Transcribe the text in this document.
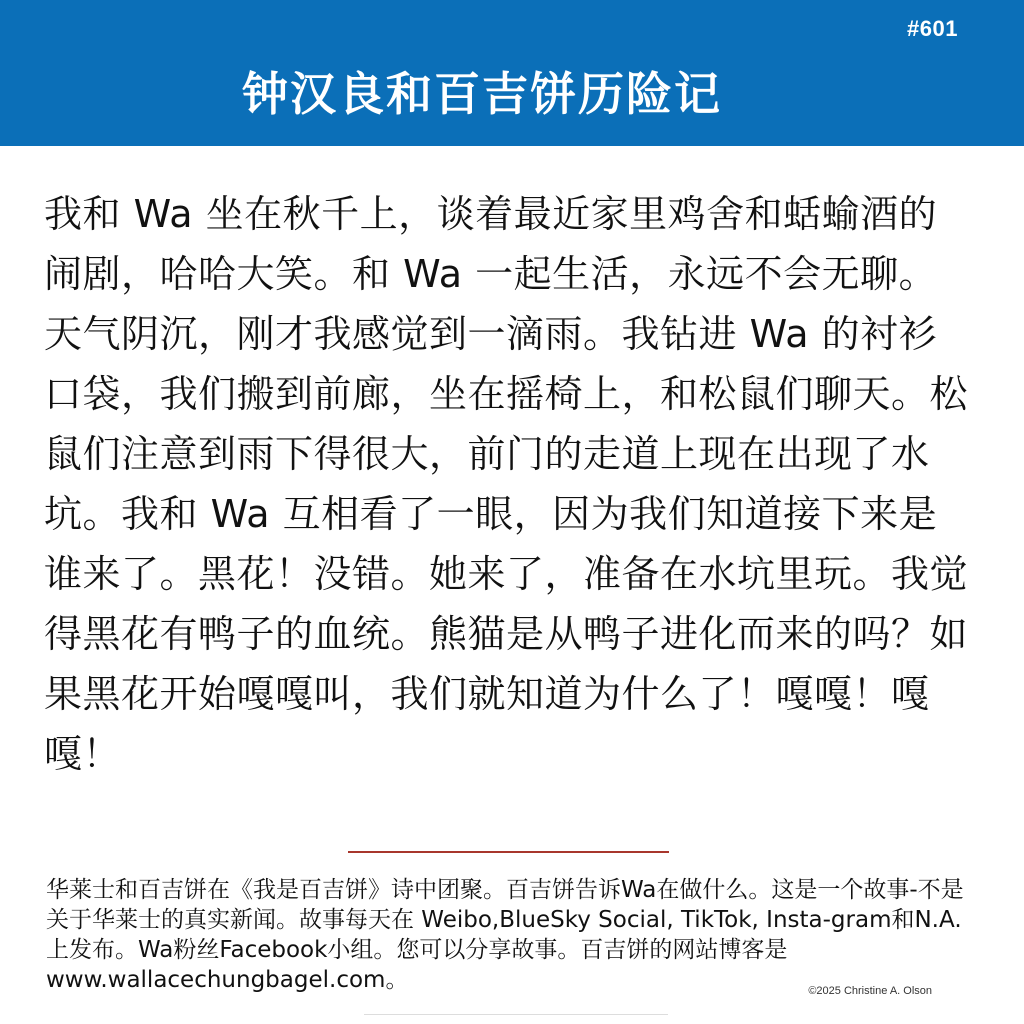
#601
钟汉良和百吉饼历险记
我和 Wa 坐在秋千上，谈着最近家里鸡舍和蛞蝓酒的闹剧，哈哈大笑。和 Wa 一起生活，永远不会无聊。天气阴沉，刚才我感觉到一滴雨。我钻进 Wa 的衬衫口袋，我们搬到前廊，坐在摇椅上，和松鼠们聊天。松鼠们注意到雨下得很大，前门的走道上现在出现了水坑。我和 Wa 互相看了一眼，因为我们知道接下来是谁来了。黑花！没错。她来了，准备在水坑里玩。我觉得黑花有鸭子的血统。熊猫是从鸭子进化而来的吗？如果黑花开始嘎嘎叫，我们就知道为什么了！嘎嘎！嘎嘎！
华莱士和百吉饼在《我是百吉饼》诗中团聚。百吉饼告诉Wa在做什么。这是一个故事-不是关于华莱士的真实新闻。故事每天在 Weibo,BlueSky Social, TikTok, Insta-gram和N.A.上发布。Wa粉丝Facebook小组。您可以分享故事。百吉饼的网站博客是www.wallacechungbagel.com。	©2025 Christine A. Olson
